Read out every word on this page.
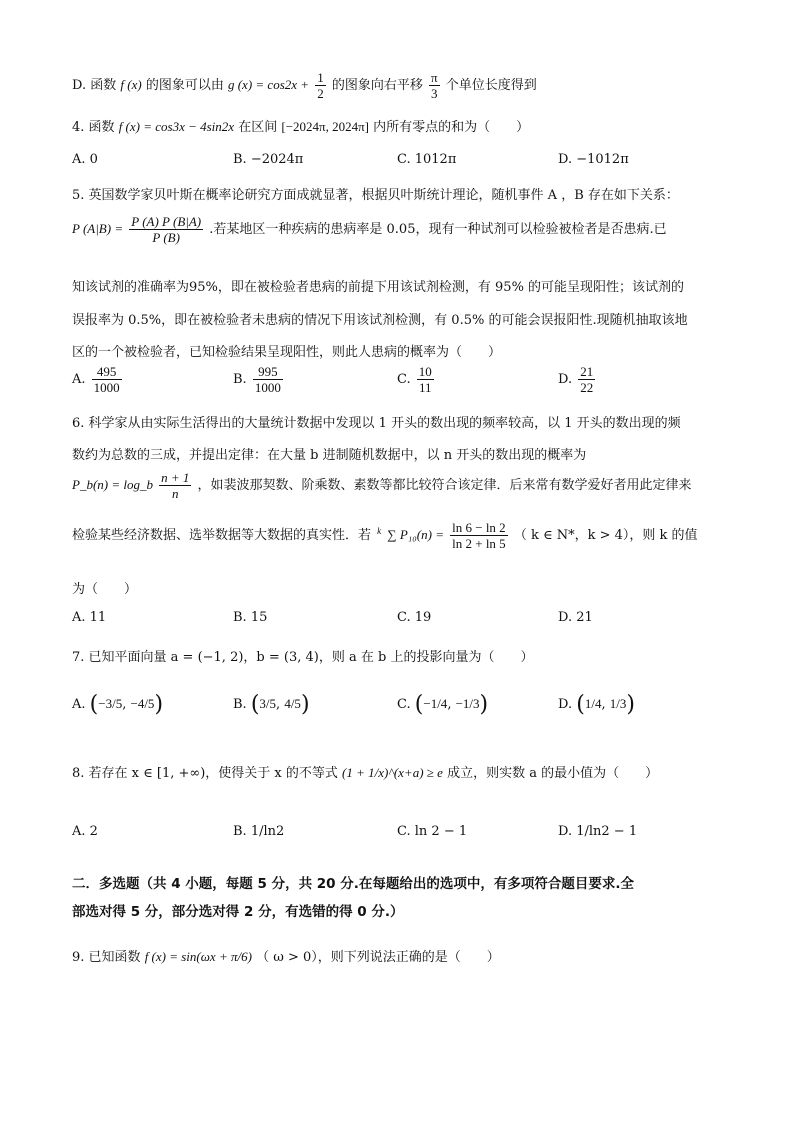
D. 函数 f (x) 的图象可以由 g $(x) = \cos 2x + \frac{1}{2}$ 的图象向右平移 $\frac{\pi}{3}$ 个单位长度得到
4. 函数 f (x) = cos3x − 4sin2x 在区间 [−2024π, 2024π] 内所有零点的和为（　　）
A. 0	B. −2024π	C. 1012π	D. −1012π
5. 英国数学家贝叶斯在概率论研究方面成就显著，根据贝叶斯统计理论，随机事件 A ，B 存在如下关系：
P $(A|B) = \frac{P (A) P (B|A)}{P (B)}$ .若某地区一种疾病的患病率是 0.05，现有一种试剂可以检验被检者是否患病.已
知该试剂的准确率为95%，即在被检验者患病的前提下用该试剂检测，有 95% 的可能呈现阳性；该试剂的
误报率为 0.5%，即在被检验者未患病的情况下用该试剂检测，有 0.5% 的可能会误报阳性.现随机抽取该地
区的一个被检验者，已知检验结果呈现阳性，则此人患病的概率为（　　）
A. $\frac{495}{1000}$	B. $\frac{995}{1000}$	C. $\frac{10}{11}$	D. $\frac{21}{22}$
6. 科学家从由实际生活得出的大量统计数据中发现以 1 开头的数出现的频率较高，以 1 开头的数出现的频
数约为总数的三成，并提出定律：在大量 b 进制随机数据中，以 n 开头的数出现的概率为
P_b(n) = log_b $\frac{n + 1}{n}$ ，如裴波那契数、阶乘数、素数等都比较符合该定律．后来常有数学爱好者用此定律来
检验某些经济数据、选举数据等大数据的真实性．若 k
∑ $P_{10}(n) = \frac{\ln 6 - \ln 2}{\ln 2 + \ln 5}$ （ k ∈ N*，k > 4），则 k 的值
为（　　）
A. 11	B. 15	C. 19	D. 21
7. 已知平面向量 a = (−1, 2)，b = (3, 4)，则 a 在 b 上的投影向量为（　　）
A. (−3/5, −4/5)	B. (3/5, 4/5)	C. (−1/4, −1/3)	D. (1/4, 1/3)
8. 若存在 x ∈ [1, +∞)，使得关于 x 的不等式 (1 + 1/x)^(x+a) ≥ e 成立，则实数 a 的最小值为（　　）
A. 2	B. 1/ln2	C. ln 2 − 1	D. 1/ln2 − 1
二．多选题（共 4 小题，每题 5 分，共 20 分.在每题给出的选项中，有多项符合题目要求.全
部选对得 5 分，部分选对得 2 分，有选错的得 0 分.）
9. 已知函数 f (x) = sin(ωx + π/6) （ ω > 0），则下列说法正确的是（　　）
